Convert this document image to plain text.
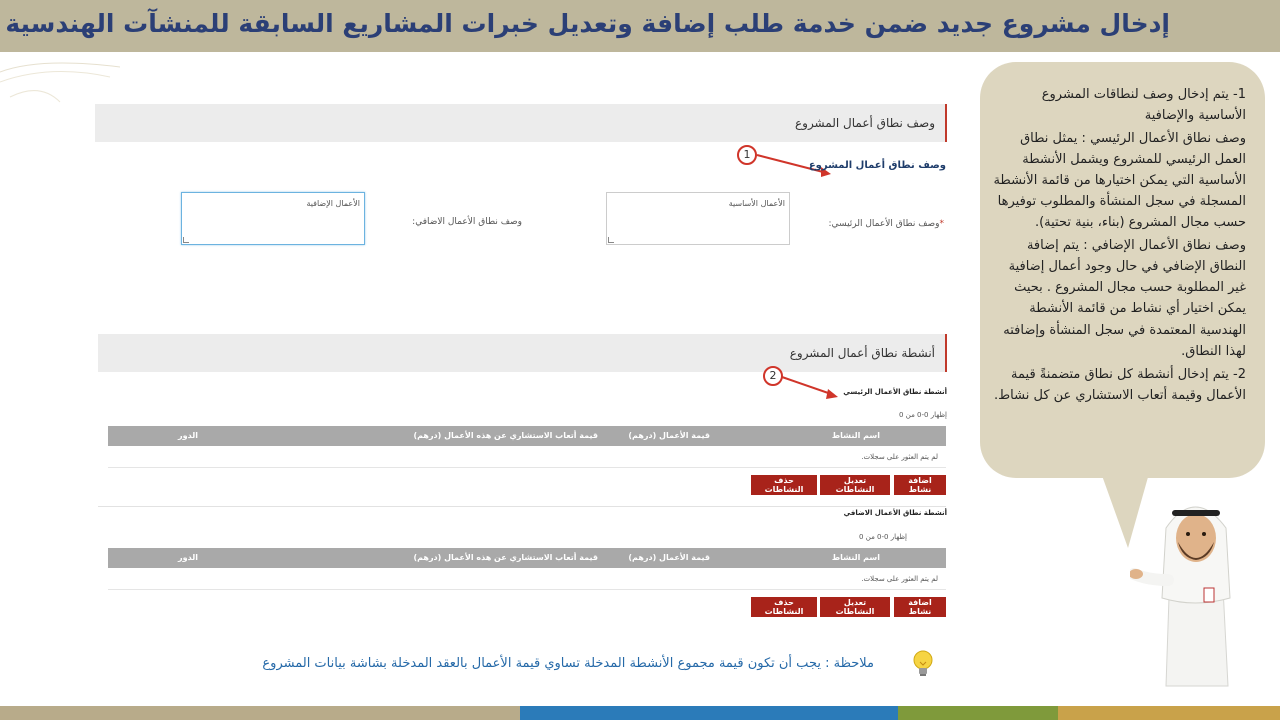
إدخال مشروع جديد ضمن خدمة طلب إضافة وتعديل خبرات المشاريع السابقة للمنشآت الهندسية
وصف نطاق أعمال المشروع
1
وصف نطاق أعمال المشروع
*وصف نطاق الأعمال الرئيسي:
الأعمال الأساسية
وصف نطاق الأعمال الاضافي:
الأعمال الإضافية
أنشطة نطاق أعمال المشروع
2
أنشطة نطاق الأعمال الرئيسي
إظهار 0-0 من 0
اسم النشاط
قيمة الأعمال (درهم)
قيمة أتعاب الاستشاري عن هذه الأعمال (درهم)
الدور
لم يتم العثور على سجلات.
اضافة نشاط
تعديل النشاطات
حذف النشاطات
أنشطة نطاق الأعمال الاضافي
إظهار 0-0 من 0
اسم النشاط
قيمة الأعمال (درهم)
قيمة أتعاب الاستشاري عن هذه الأعمال (درهم)
الدور
لم يتم العثور على سجلات.
اضافة نشاط
تعديل النشاطات
حذف النشاطات
ملاحظة : يجب أن تكون قيمة مجموع الأنشطة المدخلة تساوي قيمة الأعمال بالعقد المدخلة بشاشة بيانات المشروع

1- يتم إدخال وصف لنطاقات المشروع الأساسية والإضافية

وصف نطاق الأعمال الرئيسي : يمثل نطاق العمل الرئيسي للمشروع ويشمل الأنشطة الأساسية التي يمكن اختيارها من قائمة الأنشطة المسجلة في سجل المنشأة والمطلوب توفيرها حسب مجال المشروع (بناء، بنية تحتية).

وصف نطاق الأعمال الإضافي : يتم إضافة النطاق الإضافي في حال وجود أعمال إضافية غير المطلوبة حسب مجال المشروع . بحيث يمكن اختيار أي نشاط من قائمة الأنشطة الهندسية المعتمدة في سجل المنشأة وإضافته لهذا النطاق.

2- يتم إدخال أنشطة كل نطاق متضمنةً قيمة الأعمال وقيمة أتعاب الاستشاري عن كل نشاط.
